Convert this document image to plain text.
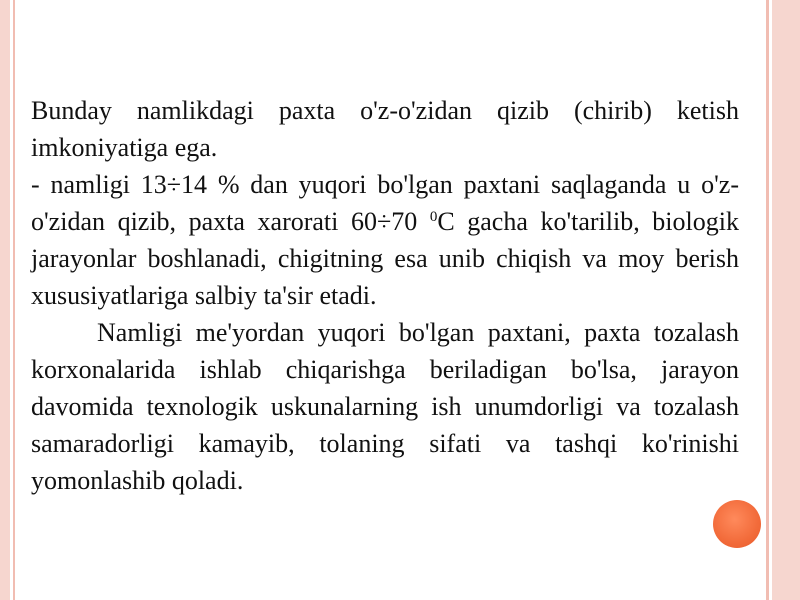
Bunday namlikdagi paxta o'z-o'zidan qizib (chirib) ketish imkoniyatiga ega.

- namligi 13÷14 % dan yuqori bo'lgan paxtani saqlaganda u o'z-o'zidan qizib, paxta xarorati 60÷70 $^0$C gacha ko'tarilib, biologik jarayonlar boshlanadi, chigitning esa unib chiqish va moy berish xususiyatlariga salbiy ta'sir etadi.

Namligi me'yordan yuqori bo'lgan paxtani, paxta tozalash korxonalarida ishlab chiqarishga beriladigan bo'lsa, jarayon davomida texnologik uskunalarning ish unumdorligi va tozalash samaradorligi kamayib, tolaning sifati va tashqi ko'rinishi yomonlashib qoladi.
